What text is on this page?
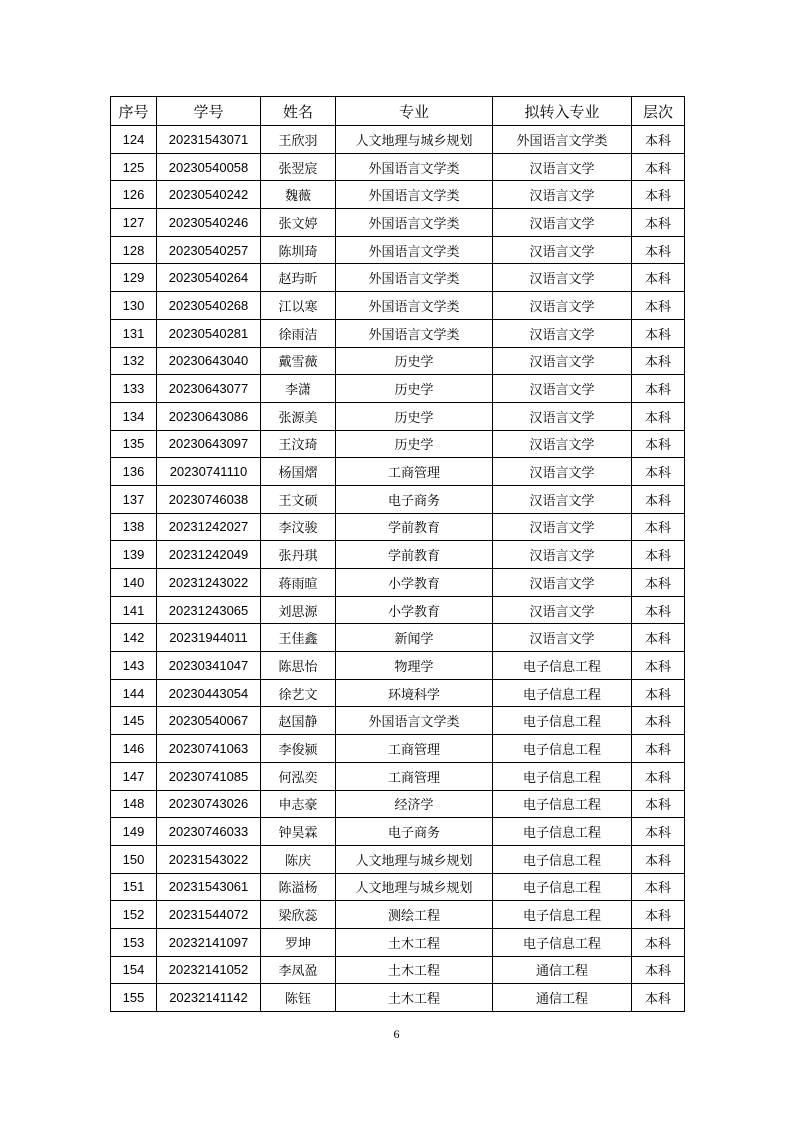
序号	学号	姓名	专业	拟转入专业	层次
124	20231543071	王欣羽	人文地理与城乡规划	外国语言文学类	本科
125	20230540058	张翌宸	外国语言文学类	汉语言文学	本科
126	20230540242	魏薇	外国语言文学类	汉语言文学	本科
127	20230540246	张文婷	外国语言文学类	汉语言文学	本科
128	20230540257	陈圳琦	外国语言文学类	汉语言文学	本科
129	20230540264	赵玙昕	外国语言文学类	汉语言文学	本科
130	20230540268	江以寒	外国语言文学类	汉语言文学	本科
131	20230540281	徐雨洁	外国语言文学类	汉语言文学	本科
132	20230643040	戴雪薇	历史学	汉语言文学	本科
133	20230643077	李潇	历史学	汉语言文学	本科
134	20230643086	张源美	历史学	汉语言文学	本科
135	20230643097	王汶琦	历史学	汉语言文学	本科
136	20230741110	杨国熠	工商管理	汉语言文学	本科
137	20230746038	王文硕	电子商务	汉语言文学	本科
138	20231242027	李汶骏	学前教育	汉语言文学	本科
139	20231242049	张丹琪	学前教育	汉语言文学	本科
140	20231243022	蒋雨暄	小学教育	汉语言文学	本科
141	20231243065	刘思源	小学教育	汉语言文学	本科
142	20231944011	王佳鑫	新闻学	汉语言文学	本科
143	20230341047	陈思怡	物理学	电子信息工程	本科
144	20230443054	徐艺文	环境科学	电子信息工程	本科
145	20230540067	赵国静	外国语言文学类	电子信息工程	本科
146	20230741063	李俊颍	工商管理	电子信息工程	本科
147	20230741085	何泓奕	工商管理	电子信息工程	本科
148	20230743026	申志豪	经济学	电子信息工程	本科
149	20230746033	钟昊霖	电子商务	电子信息工程	本科
150	20231543022	陈庆	人文地理与城乡规划	电子信息工程	本科
151	20231543061	陈溢杨	人文地理与城乡规划	电子信息工程	本科
152	20231544072	梁欣蕊	测绘工程	电子信息工程	本科
153	20232141097	罗坤	土木工程	电子信息工程	本科
154	20232141052	李凤盈	土木工程	通信工程	本科
155	20232141142	陈钰	土木工程	通信工程	本科
6
